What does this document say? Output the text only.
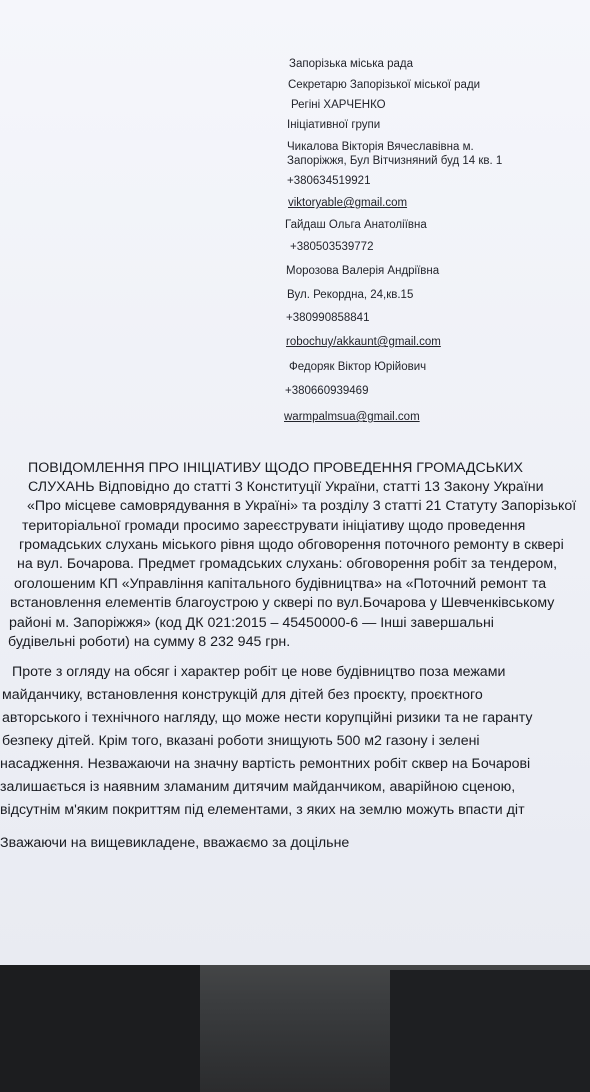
Запорізька міська рада
Секретарю Запорізької міської ради
Регіні ХАРЧЕНКО
Ініціативної групи
Чикалова Вікторія Вячеславівна м.
Запоріжжя, Бул Вітчизняний буд 14 кв. 1
+380634519921
viktoryable@gmail.com
Гайдаш Ольга Анатоліївна
+380503539772
Морозова Валерія Андріївна
Вул. Рекордна, 24,кв.15
+380990858841
robochuy/akkaunt@gmail.com
Федоряк Віктор Юрійович
+380660939469
warmpalmsua@gmail.com
ПОВІДОМЛЕННЯ ПРО ІНІЦІАТИВУ ЩОДО ПРОВЕДЕННЯ ГРОМАДСЬКИХ
СЛУХАНЬ Відповідно до статті 3 Конституції України, статті 13 Закону України
«Про місцеве самоврядування в Україні» та розділу 3 статті 21 Статуту Запорізької
територіальної громади просимо зареєструвати ініціативу щодо проведення
громадських слухань міського рівня щодо обговорення поточного ремонту в сквері
на вул. Бочарова. Предмет громадських слухань: обговорення робіт за тендером,
оголошеним КП «Управління капітального будівництва» на «Поточний ремонт та
встановлення елементів благоустрою у сквері по вул.Бочарова у Шевченківському
районі м. Запоріжжя» (код ДК 021:2015 – 45450000-6 — Інші завершальні
будівельні роботи) на сумму 8 232 945 грн.
Проте з огляду на обсяг і характер робіт це нове будівництво поза межами
майданчику, встановлення конструкцій для дітей без проєкту, проєктного
авторського і технічного нагляду, що може нести корупційні ризики та не гаранту
безпеку дітей. Крім того, вказані роботи знищують 500 м2 газону і зелені
насадження. Незважаючи на значну вартість ремонтних робіт сквер на Бочарові
залишається із наявним зламаним дитячим майданчиком, аварійною сценою,
відсутнім м'яким покриттям під елементами, з яких на землю можуть впасти діт
Зважаючи на вищевикладене, вважаємо за доцільне
